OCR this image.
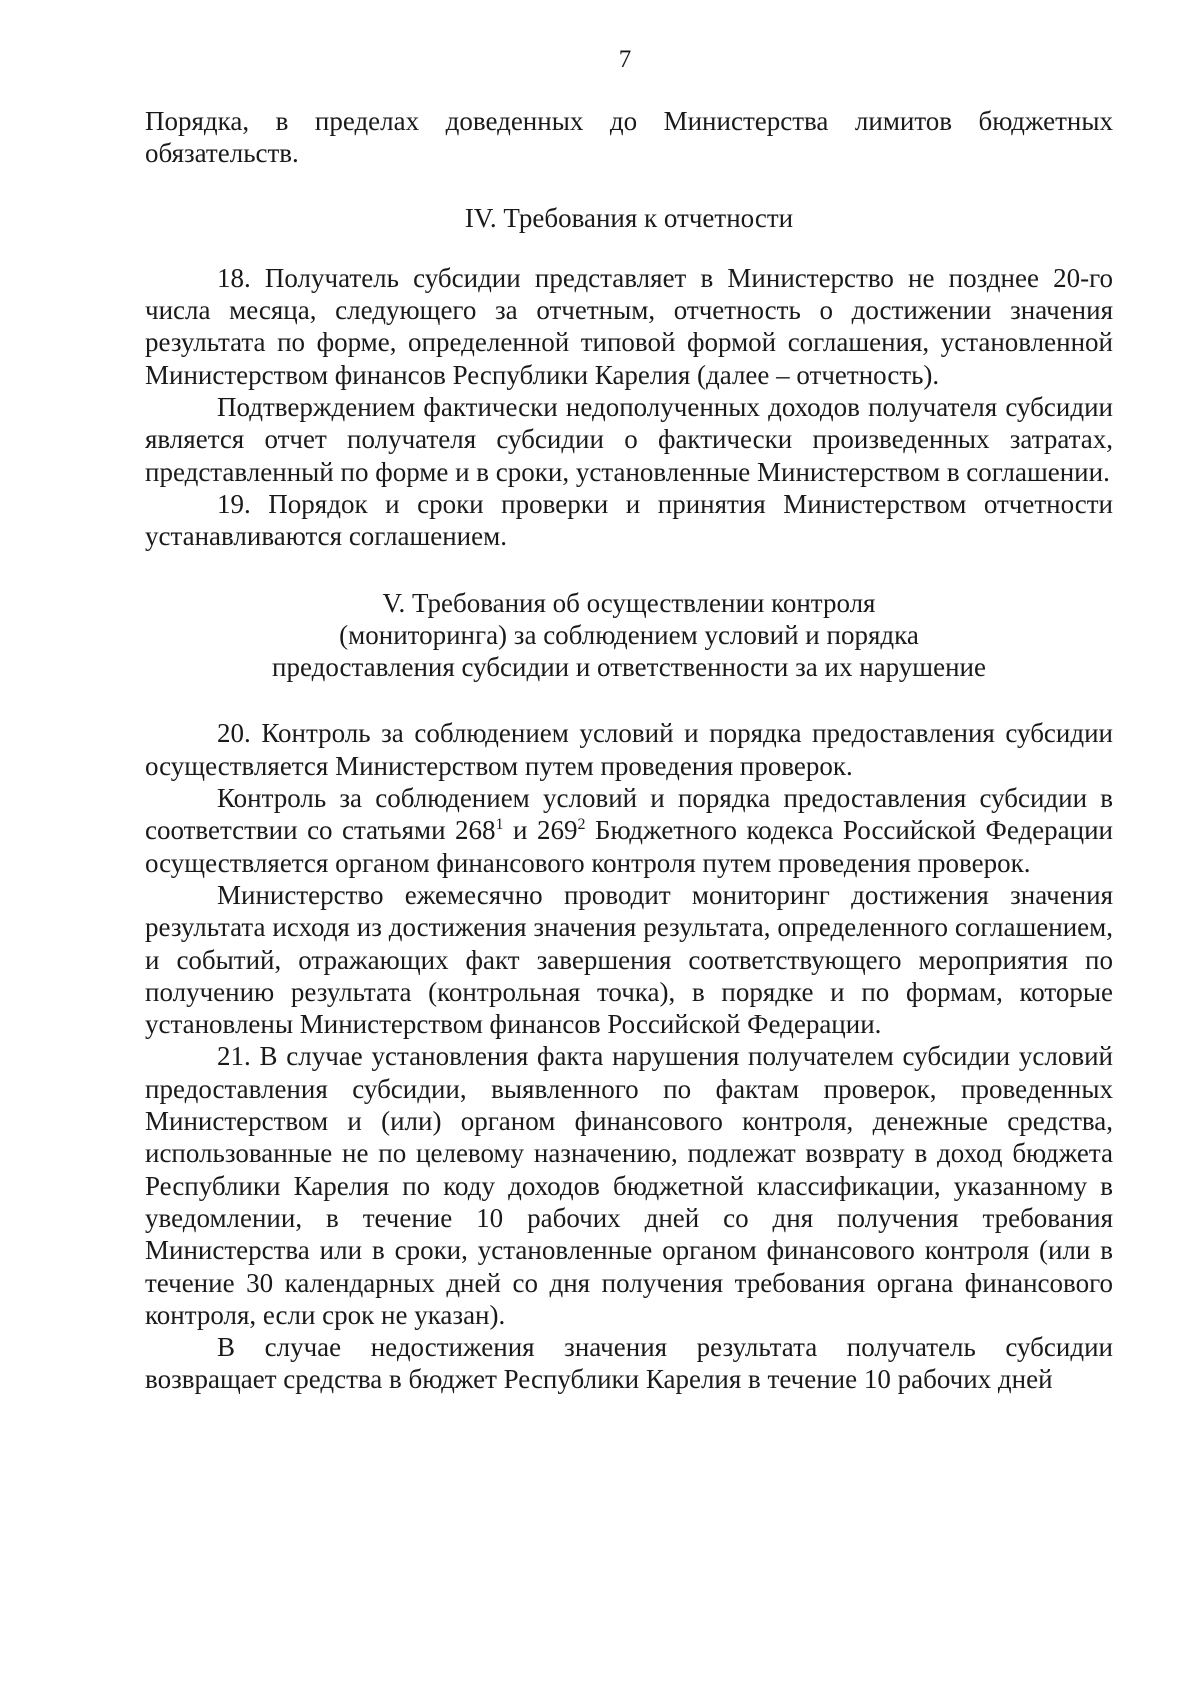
7

Порядка, в пределах доведенных до Министерства лимитов бюджетных обязательств.

IV. Требования к отчетности

18. Получатель субсидии представляет в Министерство не позднее 20-го числа месяца, следующего за отчетным, отчетность о достижении значения результата по форме, определенной типовой формой соглашения, установленной Министерством финансов Республики Карелия (далее – отчетность).

Подтверждением фактически недополученных доходов получателя субсидии является отчет получателя субсидии о фактически произведенных затратах, представленный по форме и в сроки, установленные Министерством в соглашении.

19. Порядок и сроки проверки и принятия Министерством отчетности устанавливаются соглашением.

V. Требования об осуществлении контроля
(мониторинга) за соблюдением условий и порядка
предоставления субсидии и ответственности за их нарушение

20. Контроль за соблюдением условий и порядка предоставления субсидии осуществляется Министерством путем проведения проверок.

Контроль за соблюдением условий и порядка предоставления субсидии в соответствии со статьями $268^1$ и $269^2$ Бюджетного кодекса Российской Федерации осуществляется органом финансового контроля путем проведения проверок.

Министерство ежемесячно проводит мониторинг достижения значения результата исходя из достижения значения результата, определенного соглашением, и событий, отражающих факт завершения соответствующего мероприятия по получению результата (контрольная точка), в порядке и по формам, которые установлены Министерством финансов Российской Федерации.

21. В случае установления факта нарушения получателем субсидии условий предоставления субсидии, выявленного по фактам проверок, проведенных Министерством и (или) органом финансового контроля, денежные средства, использованные не по целевому назначению, подлежат возврату в доход бюджета Республики Карелия по коду доходов бюджетной классификации, указанному в уведомлении, в течение 10 рабочих дней со дня получения требования Министерства или в сроки, установленные органом финансового контроля (или в течение 30 календарных дней со дня получения требования органа финансового контроля, если срок не указан).

В случае недостижения значения результата получатель субсидии возвращает средства в бюджет Республики Карелия в течение 10 рабочих дней
